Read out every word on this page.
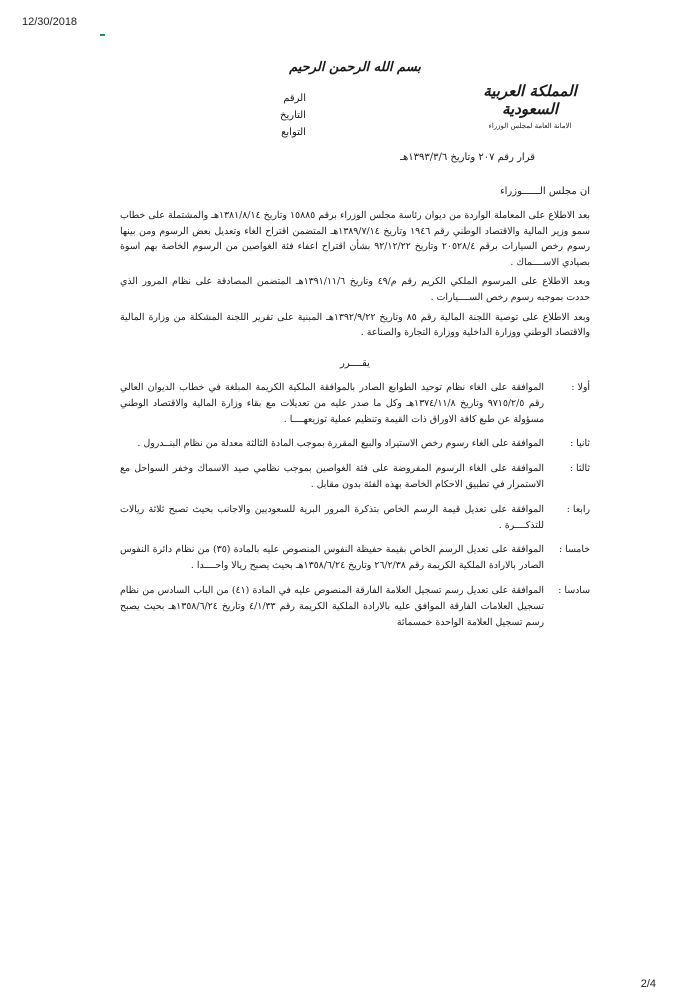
12/30/2018
بسم الله الرحمن الرحيم
المملكة العربية السعودية
الامانة العامة لمجلس الوزراء
الرقم
التاريخ
التوابع
قرار رقم ٢٠٧ وتاريخ ١٣٩٣/٣/٦هـ
ان مجلس الــــــوزراء

بعد الاطلاع على المعاملة الواردة من ديوان رئاسة مجلس الوزراء برقم ١٥٨٨٥ وتاريخ ١٣٨١/٨/١٤هـ والمشتملة على خطاب سمو وزير المالية والاقتصاد الوطني رقم ١٩٤٦ وتاريخ ١٣٨٩/٧/١٤هـ المتضمن اقتراح الغاء وتعديل بعض الرسوم ومن بينها رسوم رخص السيارات برقم ٢٠٥٢٨/٤ وتاريخ ٩٢/١٢/٢٢ بشأن اقتراح اعفاء فئة الغواصين من الرسوم الخاصة بهم اسوة بصيادي الاســــماك .

وبعد الاطلاع على المرسوم الملكي الكريم رقم م/٤٩ وتاريخ ١٣٩١/١١/٦هـ المتضمن المصادقة على نظام المرور الذي حددت بموجبه رسوم رخص الســــيارات .

وبعد الاطلاع على توصية اللجنة المالية رقم ٨٥ وتاريخ ١٣٩٢/٩/٢٢هـ المبنية على تقرير اللجنة المشكلة من وزارة المالية والاقتصاد الوطني ووزارة الداخلية ووزارة التجارة والصناعة .

يقــــرر
أولا :
الموافقة على الغاء نظام توحيد الطوابع الصادر بالموافقة الملكية الكريمة المبلغة في خطاب الديوان العالي رقم ٩٧١٥/٢/٥ وتاريخ ١٣٧٤/١١/٨هـ وكل ما صدر عليه من تعديلات مع بقاء وزارة المالية والاقتصاد الوطني مسؤولة عن طبع كافة الاوراق ذات القيمة وتنظيم عملية توزيعهــــا .
ثانيا :
الموافقة على الغاء رسوم رخص الاستيراد والبيع المقررة بموجب المادة الثالثة معدلة من نظام البنــدرول .
ثالثا :
الموافقة على الغاء الرسوم المفروضة على فئة الغواصين بموجب نظامي صيد الاسماك وخفر السواحل مع الاستمرار في تطبيق الاحكام الخاصة بهذه الفئة بدون مقابل .
رابعا :
الموافقة على تعديل قيمة الرسم الخاص بتذكرة المرور البرية للسعوديين والاجانب بحيث تصبح ثلاثة ريالات للتذكــــرة .
خامسا :
الموافقة على تعديل الرسم الخاص بقيمة حفيظة النفوس المنصوص عليه بالمادة (٣٥) من نظام دائرة النفوس الصادر بالارادة الملكية الكريمة رقم ٢٦/٢/٣٨ وتاريخ ١٣٥٨/٦/٢٤هـ بحيث يصبح ريالا واحــــدا .
سادسا :
الموافقة على تعديل رسم تسجيل العلامة الفارقة المنصوص عليه في المادة (٤١) من الباب السادس من نظام تسجيل العلامات الفارقة الموافق عليه بالارادة الملكية الكريمة رقم ٤/١/٣٣ وتاريخ ١٣٥٨/٦/٢٤هـ بحيث يصبح رسم تسجيل العلامة الواحدة خمسمائة
2/4
